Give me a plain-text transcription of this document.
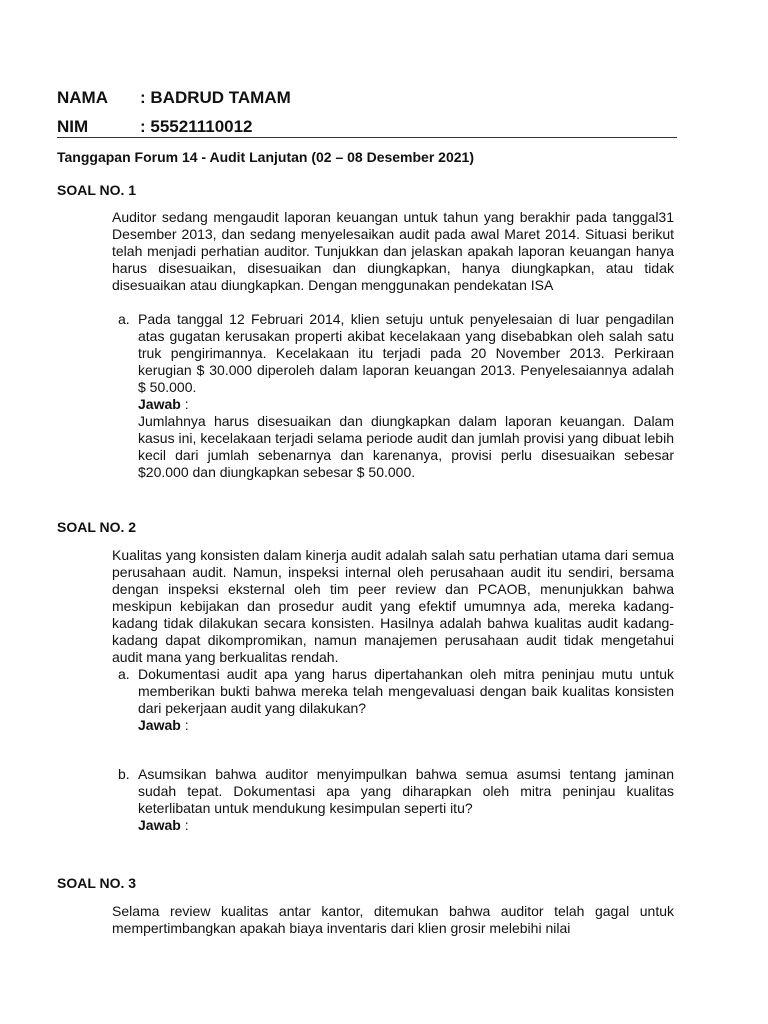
NAMA : BADRUD TAMAM
NIM	: 55521110012
Tanggapan Forum 14 - Audit Lanjutan (02 – 08 Desember 2021)
SOAL NO. 1
Auditor sedang mengaudit laporan keuangan untuk tahun yang berakhir pada tanggal31 Desember 2013, dan sedang menyelesaikan audit pada awal Maret 2014. Situasi berikut telah menjadi perhatian auditor. Tunjukkan dan jelaskan apakah laporan keuangan hanya harus disesuaikan, disesuaikan dan diungkapkan, hanya diungkapkan, atau tidak disesuaikan atau diungkapkan. Dengan menggunakan pendekatan ISA
a. Pada tanggal 12 Februari 2014, klien setuju untuk penyelesaian di luar pengadilan atas gugatan kerusakan properti akibat kecelakaan yang disebabkan oleh salah satu truk pengirimannya. Kecelakaan itu terjadi pada 20 November 2013. Perkiraan kerugian $ 30.000 diperoleh dalam laporan keuangan 2013. Penyelesaiannya adalah $ 50.000.
Jawab :
Jumlahnya harus disesuaikan dan diungkapkan dalam laporan keuangan. Dalam kasus ini, kecelakaan terjadi selama periode audit dan jumlah provisi yang dibuat lebih kecil dari jumlah sebenarnya dan karenanya, provisi perlu disesuaikan sebesar $20.000 dan diungkapkan sebesar $ 50.000.
SOAL NO. 2
Kualitas yang konsisten dalam kinerja audit adalah salah satu perhatian utama dari semua perusahaan audit. Namun, inspeksi internal oleh perusahaan audit itu sendiri, bersama dengan inspeksi eksternal oleh tim peer review dan PCAOB, menunjukkan bahwa meskipun kebijakan dan prosedur audit yang efektif umumnya ada, mereka kadang-kadang tidak dilakukan secara konsisten. Hasilnya adalah bahwa kualitas audit kadang-kadang dapat dikompromikan, namun manajemen perusahaan audit tidak mengetahui audit mana yang berkualitas rendah.
a. Dokumentasi audit apa yang harus dipertahankan oleh mitra peninjau mutu untuk memberikan bukti bahwa mereka telah mengevaluasi dengan baik kualitas konsisten dari pekerjaan audit yang dilakukan?
Jawab :
b. Asumsikan bahwa auditor menyimpulkan bahwa semua asumsi tentang jaminan sudah tepat. Dokumentasi apa yang diharapkan oleh mitra peninjau kualitas keterlibatan untuk mendukung kesimpulan seperti itu?
Jawab :
SOAL NO. 3
Selama review kualitas antar kantor, ditemukan bahwa auditor telah gagal untuk mempertimbangkan apakah biaya inventaris dari klien grosir melebihi nilai
